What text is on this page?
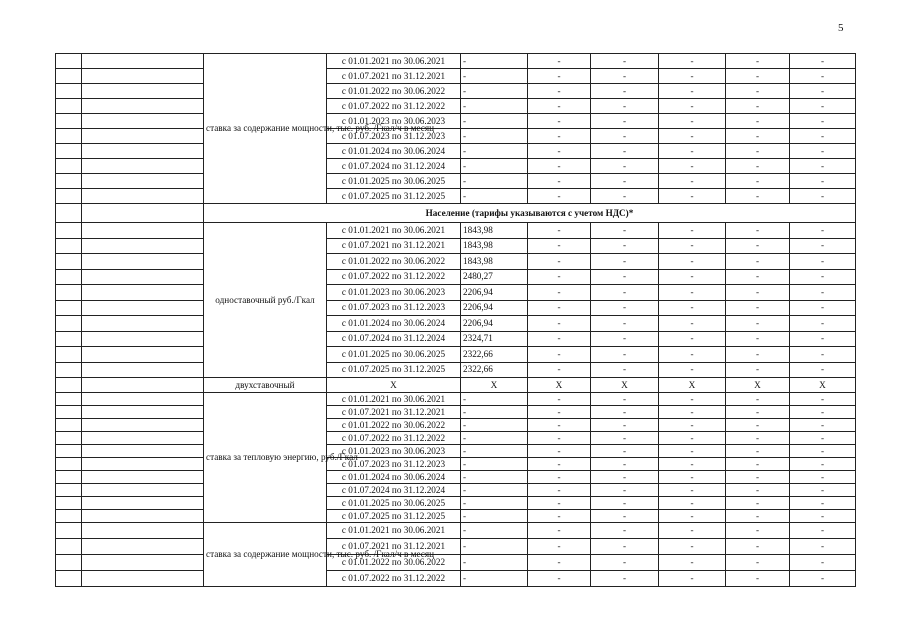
5
		ставка за содержание мощности, тыс. руб. /Гкал/ч в месяц	с 01.01.2021 по 30.06.2021	-	-	-	-	-	-
			с 01.07.2021 по 31.12.2021	-	-	-	-	-	-
			с 01.01.2022 по 30.06.2022	-	-	-	-	-	-
			с 01.07.2022 по 31.12.2022	-	-	-	-	-	-
			с 01.01.2023 по 30.06.2023	-	-	-	-	-	-
			с 01.07.2023 по 31.12.2023	-	-	-	-	-	-
			с 01.01.2024 по 30.06.2024	-	-	-	-	-	-
			с 01.07.2024 по 31.12.2024	-	-	-	-	-	-
			с 01.01.2025 по 30.06.2025	-	-	-	-	-	-
			с 01.07.2025 по 31.12.2025	-	-	-	-	-	-
		Население (тарифы указываются с учетом НДС)*							
		одноставочный руб./Гкал	с 01.01.2021 по 30.06.2021	1843,98	-	-	-	-	-
			с 01.07.2021 по 31.12.2021	1843,98	-	-	-	-	-
			с 01.01.2022 по 30.06.2022	1843,98	-	-	-	-	-
			с 01.07.2022 по 31.12.2022	2480,27	-	-	-	-	-
			с 01.01.2023 по 30.06.2023	2206,94	-	-	-	-	-
			с 01.07.2023 по 31.12.2023	2206,94	-	-	-	-	-
			с 01.01.2024 по 30.06.2024	2206,94	-	-	-	-	-
			с 01.07.2024 по 31.12.2024	2324,71	-	-	-	-	-
			с 01.01.2025 по 30.06.2025	2322,66	-	-	-	-	-
			с 01.07.2025 по 31.12.2025	2322,66	-	-	-	-	-
		двухставочный	Х	Х	Х	Х	Х	Х	Х
		ставка за тепловую энергию, руб./Гкал	с 01.01.2021 по 30.06.2021	-	-	-	-	-	-
			с 01.07.2021 по 31.12.2021	-	-	-	-	-	-
			с 01.01.2022 по 30.06.2022	-	-	-	-	-	-
			с 01.07.2022 по 31.12.2022	-	-	-	-	-	-
			с 01.01.2023 по 30.06.2023	-	-	-	-	-	-
			с 01.07.2023 по 31.12.2023	-	-	-	-	-	-
			с 01.01.2024 по 30.06.2024	-	-	-	-	-	-
			с 01.07.2024 по 31.12.2024	-	-	-	-	-	-
			с 01.01.2025 по 30.06.2025	-	-	-	-	-	-
			с 01.07.2025 по 31.12.2025	-	-	-	-	-	-
		ставка за содержание мощности, тыс. руб. /Гкал/ч в месяц	с 01.01.2021 по 30.06.2021	-	-	-	-	-	-
			с 01.07.2021 по 31.12.2021	-	-	-	-	-	-
			с 01.01.2022 по 30.06.2022	-	-	-	-	-	-
			с 01.07.2022 по 31.12.2022	-	-	-	-	-	-
